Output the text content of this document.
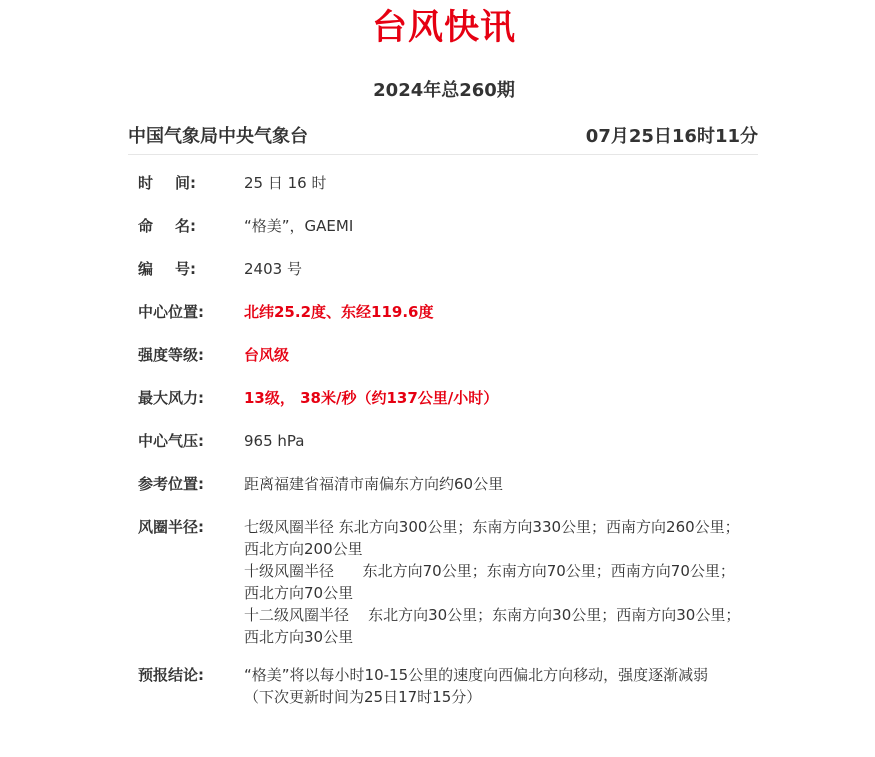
台风快讯
2024年总260期
中国气象局中央气象台	07月25日16时11分
时 间:	25 日 16 时
命 名:	“格美”，GAEMI
编 号:	2403 号
中心位置:	北纬25.2度、东经119.6度
强度等级:	台风级
最大风力:	13级， 38米/秒（约137公里/小时）
中心气压:	965 hPa
参考位置:	距离福建省福清市南偏东方向约60公里
风圈半径:	七级风圈半径 东北方向300公里；东南方向330公里；西南方向260公里；西北方向200公里
十级风圈半径      东北方向70公里；东南方向70公里；西南方向70公里；西北方向70公里
十二级风圈半径    东北方向30公里；东南方向30公里；西南方向30公里；西北方向30公里
预报结论:	“格美”将以每小时10-15公里的速度向西偏北方向移动，强度逐渐减弱
（下次更新时间为25日17时15分）
